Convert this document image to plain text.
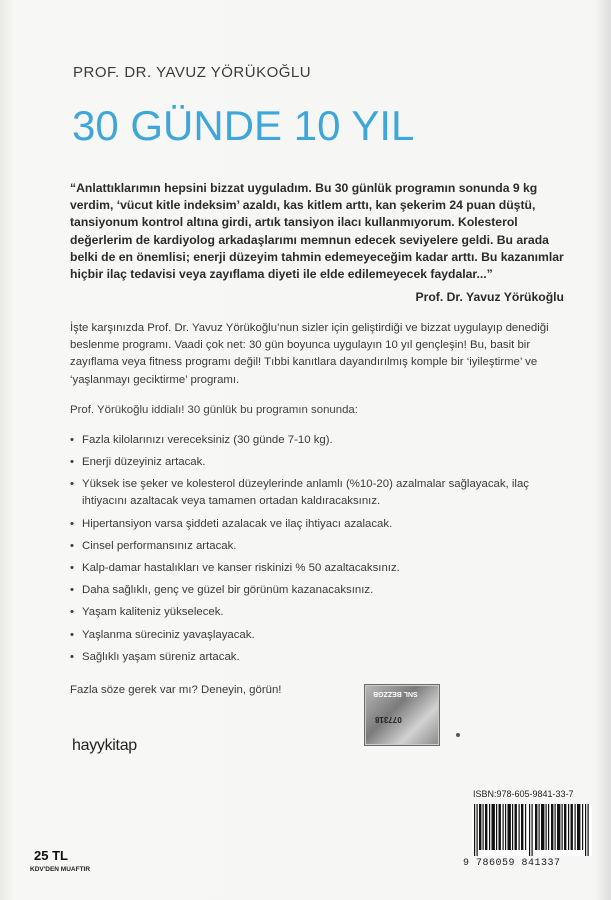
PROF. DR. YAVUZ YÖRÜKOĞLU
30 GÜNDE 10 YIL
“Anlattıklarımın hepsini bizzat uyguladım. Bu 30 günlük programın sonunda 9 kg verdim, ‘vücut kitle indeksim’ azaldı, kas kitlem arttı, kan şekerim 24 puan düştü, tansiyonum kontrol altına girdi, artık tansiyon ilacı kullanmıyorum. Kolesterol değerlerim de kardiyolog arkadaşlarımı memnun edecek seviyelere geldi. Bu arada belki de en önemlisi; enerji düzeyim tahmin edemeyeceğim kadar arttı. Bu kazanımlar hiçbir ilaç tedavisi veya zayıflama diyeti ile elde edilemeyecek faydalar...”
Prof. Dr. Yavuz Yörükoğlu
İşte karşınızda Prof. Dr. Yavuz Yörükoğlu’nun sizler için geliştirdiği ve bizzat uygulayıp denediği beslenme programı. Vaadi çok net: 30 gün boyunca uygulayın 10 yıl gençleşin! Bu, basit bir zayıflama veya fitness programı değil! Tıbbi kanıtlara dayandırılmış komple bir ‘iyileştirme’ ve ‘yaşlanmayı geciktirme’ programı.
Prof. Yörükoğlu iddialı! 30 günlük bu programın sonunda:
• Fazla kilolarınızı vereceksiniz (30 günde 7-10 kg).
• Enerji düzeyiniz artacak.
• Yüksek ise şeker ve kolesterol düzeylerinde anlamlı (%10-20) azalmalar sağlayacak, ilaç ihtiyacını azaltacak veya tamamen ortadan kaldıracaksınız.
• Hipertansiyon varsa şiddeti azalacak ve ilaç ihtiyacı azalacak.
• Cinsel performansınız artacak.
• Kalp-damar hastalıkları ve kanser riskinizi % 50 azaltacaksınız.
• Daha sağlıklı, genç ve güzel bir görünüm kazanacaksınız.
• Yaşam kaliteniz yükselecek.
• Yaşlanma süreciniz yavaşlayacak.
• Sağlıklı yaşam süreniz artacak.
Fazla söze gerek var mı? Deneyin, görün!	SNL BEZZGB
077318
hayykitap
ISBN:978-605-9841-33-7
9 786059 841337
25 TL
KDV'DEN MUAFTIR
